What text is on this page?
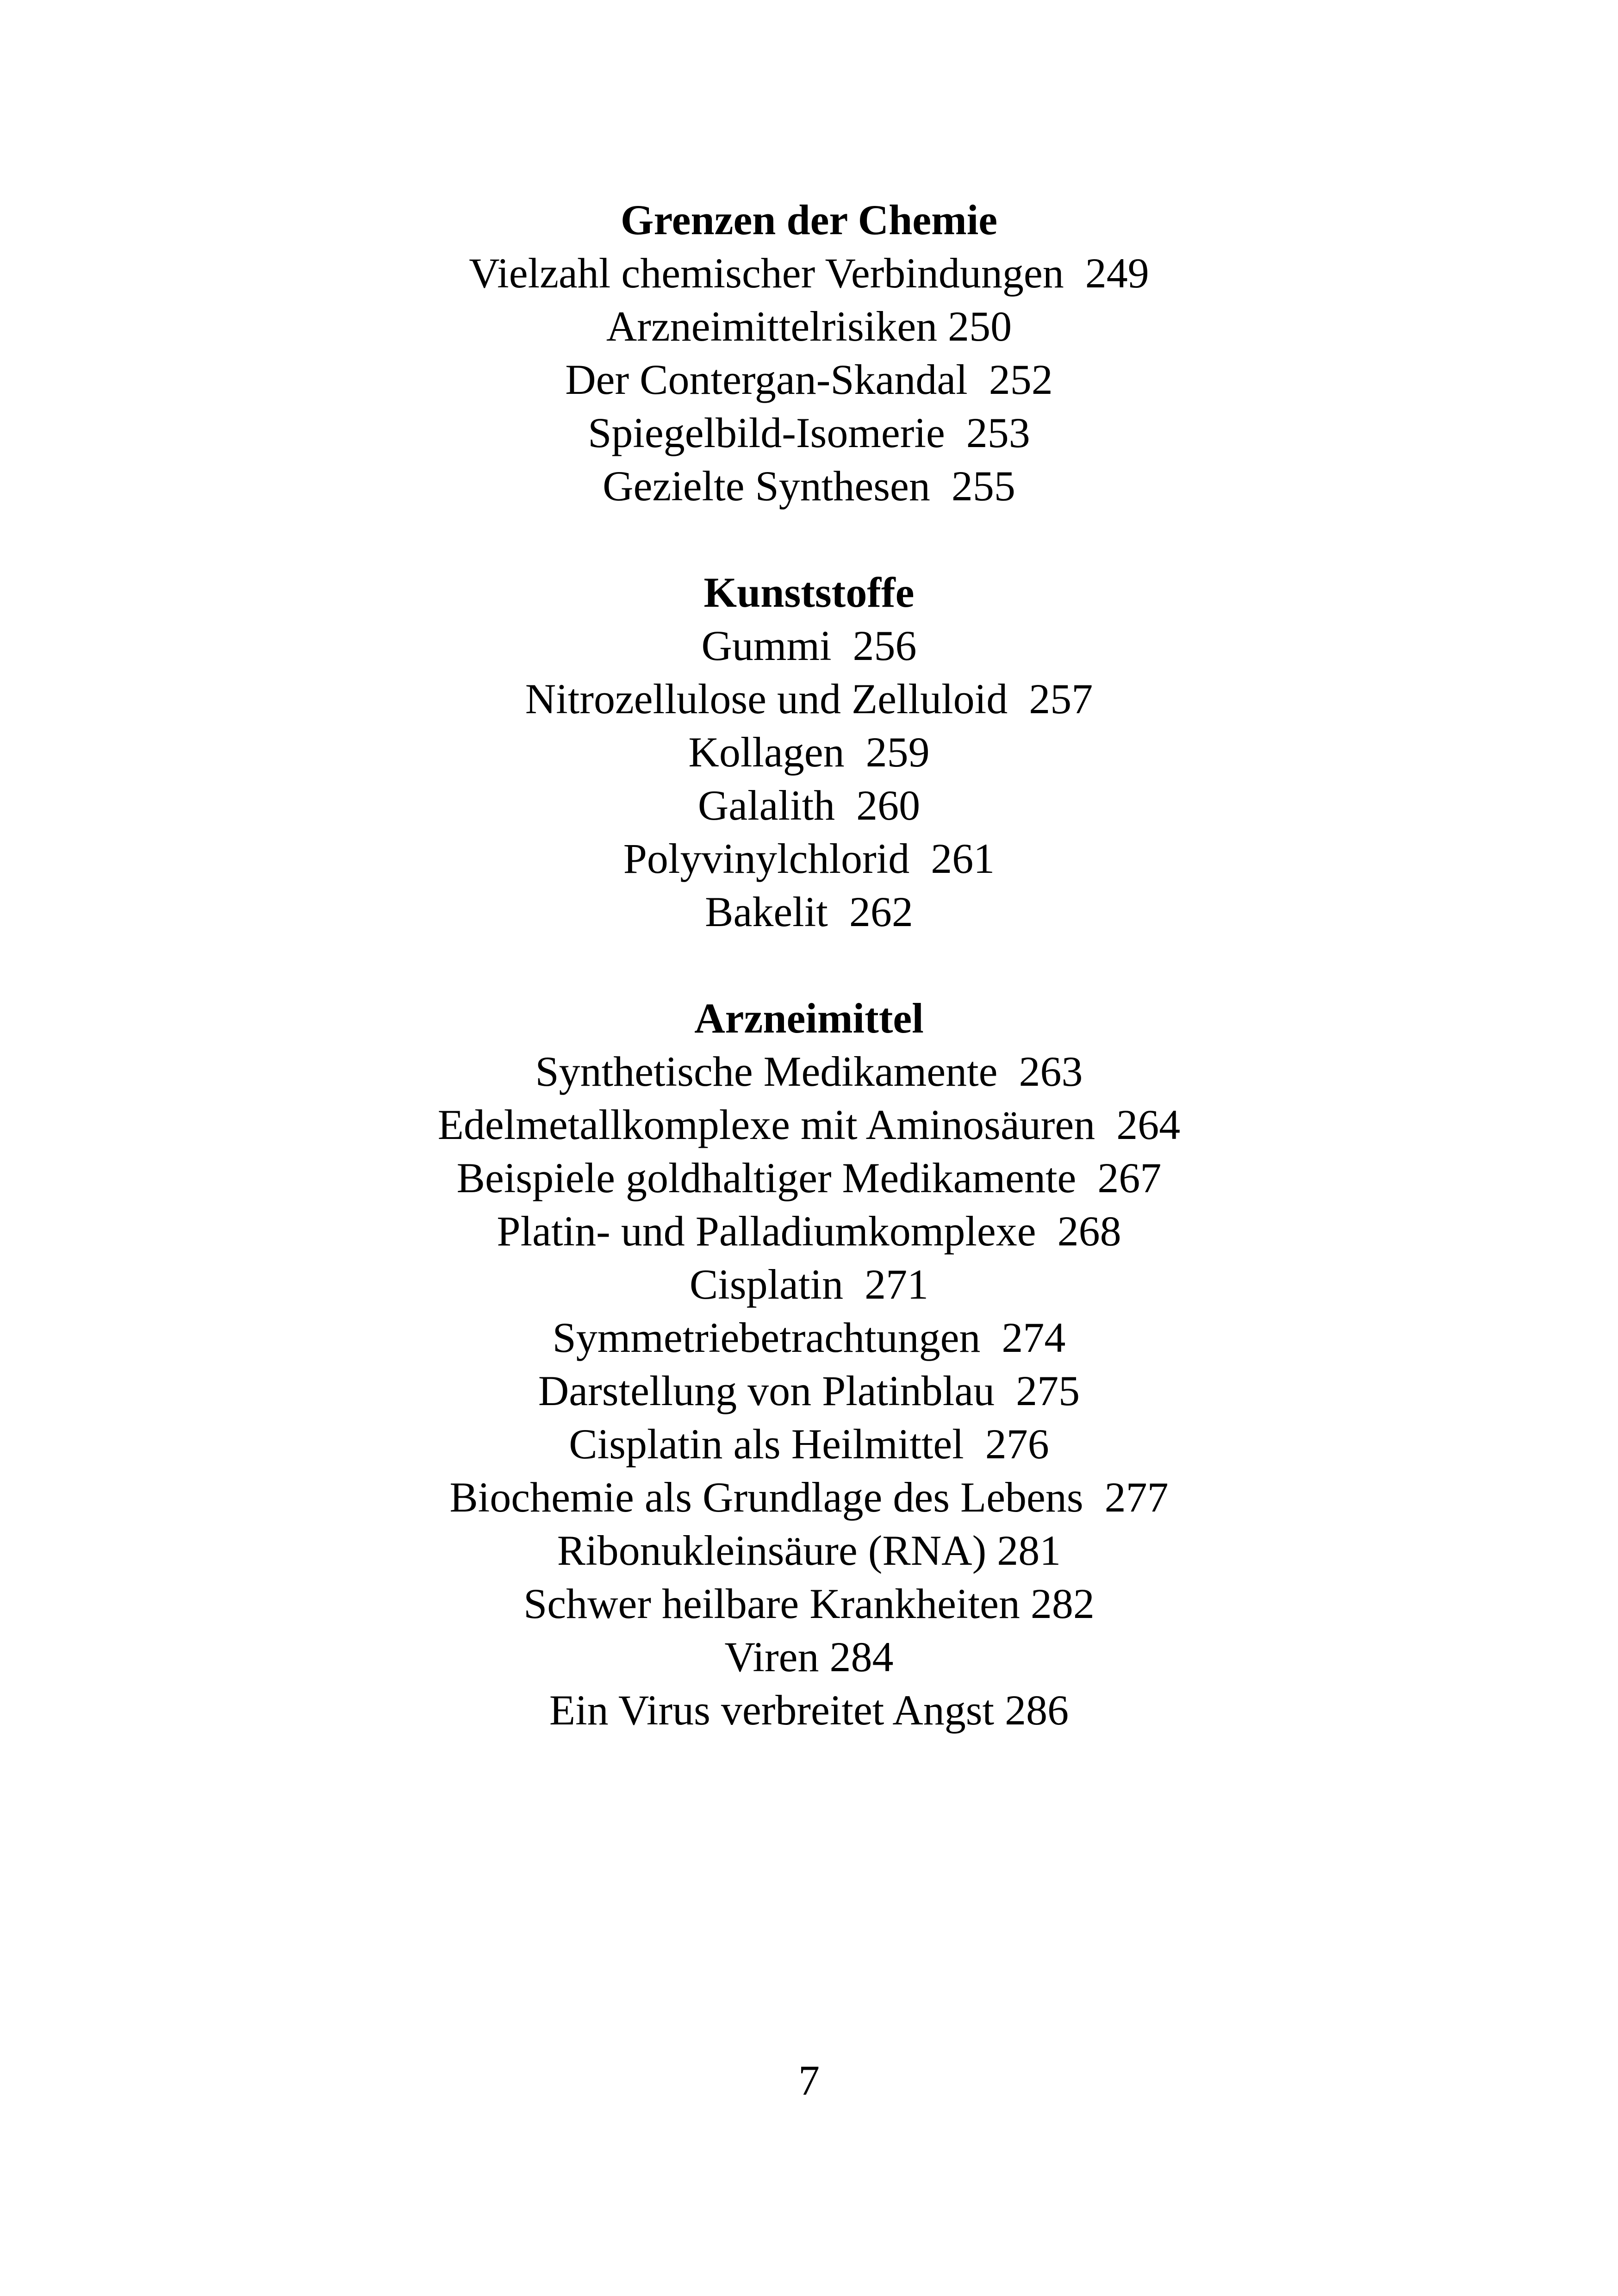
Grenzen der Chemie
Vielzahl chemischer Verbindungen  249
Arzneimittelrisiken 250
Der Contergan-Skandal  252
Spiegelbild-Isomerie  253
Gezielte Synthesen  255
Kunststoffe
Gummi  256
Nitrozellulose und Zelluloid  257
Kollagen  259
Galalith  260
Polyvinylchlorid  261
Bakelit  262
Arzneimittel
Synthetische Medikamente  263
Edelmetallkomplexe mit Aminosäuren  264
Beispiele goldhaltiger Medikamente  267
Platin- und Palladiumkomplexe  268
Cisplatin  271
Symmetriebetrachtungen  274
Darstellung von Platinblau  275
Cisplatin als Heilmittel  276
Biochemie als Grundlage des Lebens  277
Ribonukleinsäure (RNA) 281
Schwer heilbare Krankheiten 282
Viren 284
Ein Virus verbreitet Angst 286
7
